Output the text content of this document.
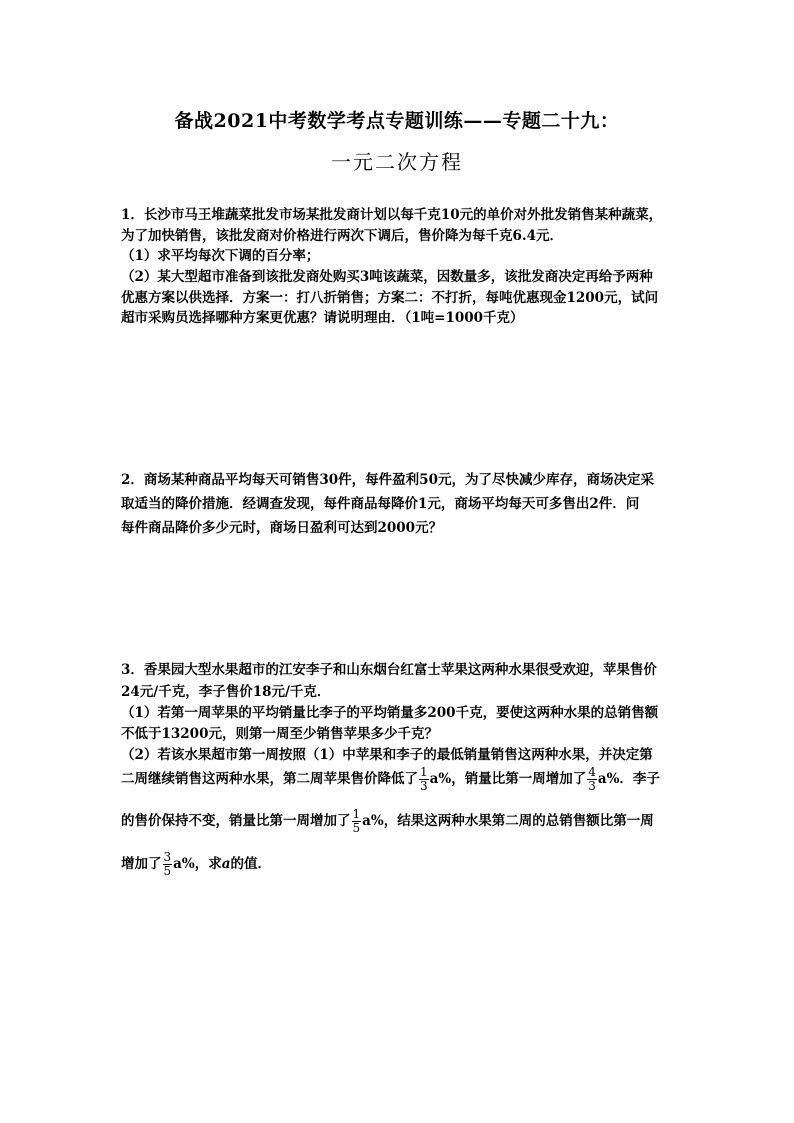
备战2021中考数学考点专题训练——专题二十九：
一元二次方程
1．长沙市马王堆蔬菜批发市场某批发商计划以每千克10元的单价对外批发销售某种蔬菜，
为了加快销售，该批发商对价格进行两次下调后，售价降为每千克6.4元．
（1）求平均每次下调的百分率；
（2）某大型超市准备到该批发商处购买3吨该蔬菜，因数量多，该批发商决定再给予两种
优惠方案以供选择．方案一：打八折销售；方案二：不打折，每吨优惠现金1200元，试问
超市采购员选择哪种方案更优惠？请说明理由．（1吨=1000千克）
2．商场某种商品平均每天可销售30件，每件盈利50元，为了尽快减少库存，商场决定采
取适当的降价措施．经调查发现，每件商品每降价1元，商场平均每天可多售出2件．问
每件商品降价多少元时，商场日盈利可达到2000元？
3．香果园大型水果超市的江安李子和山东烟台红富士苹果这两种水果很受欢迎，苹果售价
24元/千克，李子售价18元/千克．
（1）若第一周苹果的平均销量比李子的平均销量多200千克，要使这两种水果的总销售额
不低于13200元，则第一周至少销售苹果多少千克？
（2）若该水果超市第一周按照（1）中苹果和李子的最低销量销售这两种水果，并决定第
二周继续销售这两种水果，第二周苹果售价降低了 $\frac{1}{3} a\%$，销量比第一周增加了 $\frac{4}{3} a\%$．李子
的售价保持不变，销量比第一周增加了 $\frac{1}{5} a\%$，结果这两种水果第二周的总销售额比第一周
增加了 $\frac{3}{5} a\%$，求a的值．
